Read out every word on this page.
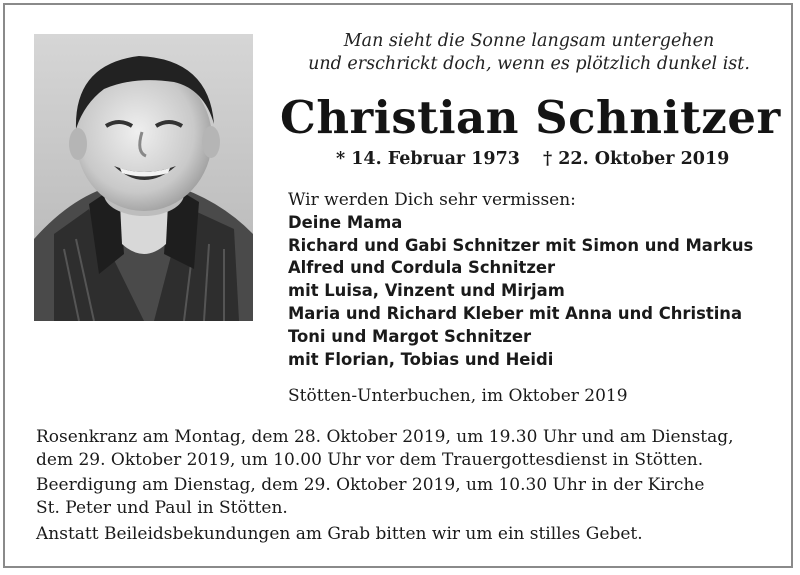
Man sieht die Sonne langsam untergehen
und erschrickt doch, wenn es plötzlich dunkel ist.
Christian Schnitzer
* 14. Februar 1973 † 22. Oktober 2019
Wir werden Dich sehr vermissen:
Deine Mama
Richard und Gabi Schnitzer mit Simon und Markus
Alfred und Cordula Schnitzer
mit Luisa, Vinzent und Mirjam
Maria und Richard Kleber mit Anna und Christina
Toni und Margot Schnitzer
mit Florian, Tobias und Heidi
Stötten-Unterbuchen, im Oktober 2019
Rosenkranz am Montag, dem 28. Oktober 2019, um 19.30 Uhr und am Dienstag,
dem 29. Oktober 2019, um 10.00 Uhr vor dem Trauergottesdienst in Stötten.
Beerdigung am Dienstag, dem 29. Oktober 2019, um 10.30 Uhr in der Kirche
St. Peter und Paul in Stötten.
Anstatt Beileidsbekundungen am Grab bitten wir um ein stilles Gebet.
